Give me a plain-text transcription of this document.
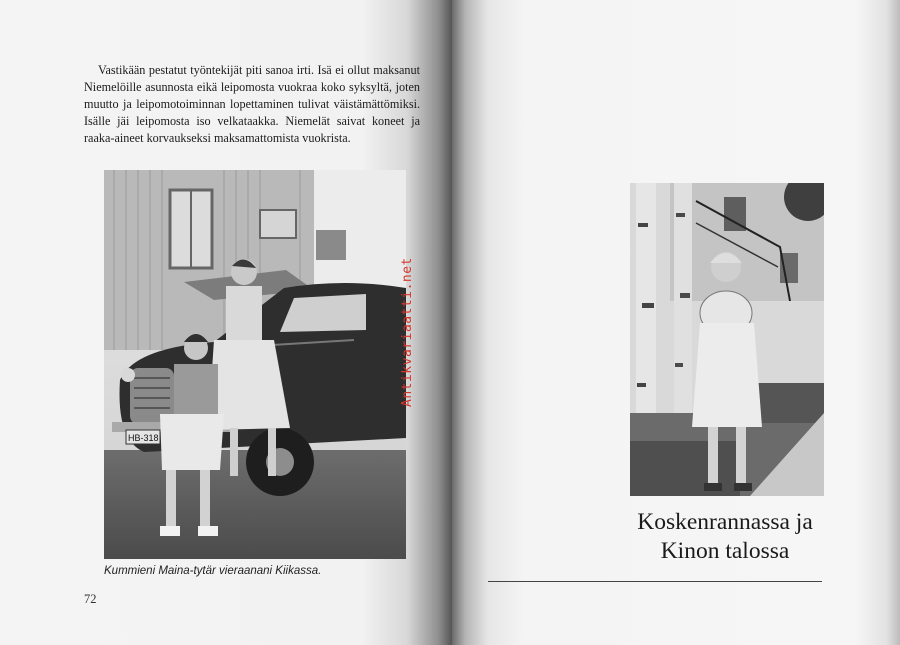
Vastikään pestatut työntekijät piti sanoa irti. Isä ei ollut maksanut Niemelöille asunnosta eikä leipomosta vuokraa koko syksyltä, joten muutto ja leipomotoiminnan lopettaminen tulivat väistämättömiksi. Isälle jäi leipomosta iso velkataakka. Niemelät saivat koneet ja raaka-aineet korvaukseksi maksamattomista vuokrista.

HB-318
Antikvariaatti.net
Kummieni Maina-tytär vieraanani Kiikassa.
72
Koskenrannassa ja
Kinon talossa
